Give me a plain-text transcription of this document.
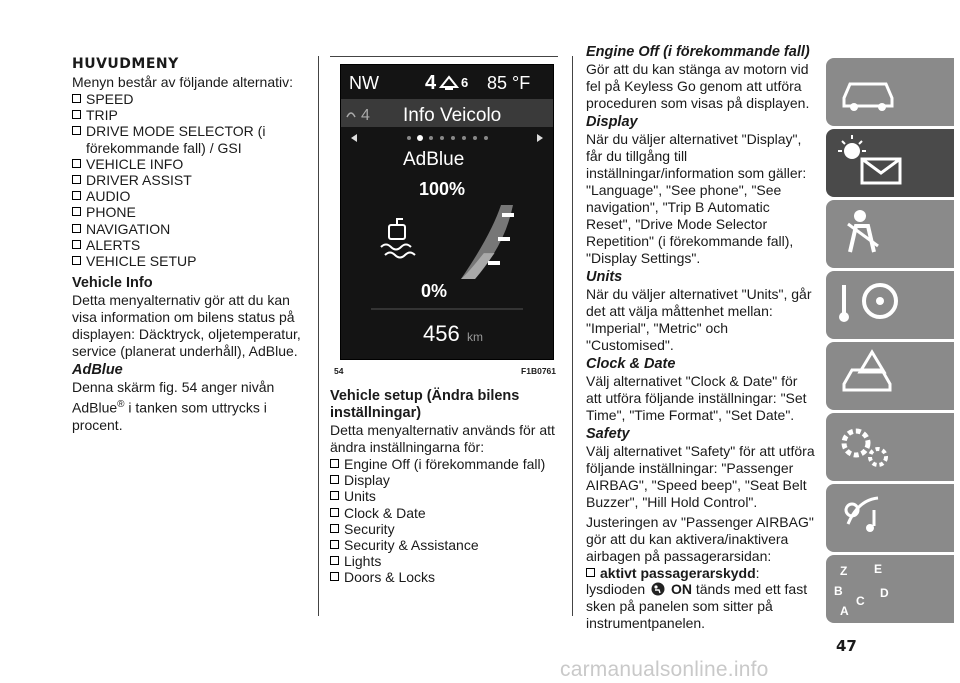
HUVUDMENY

Menyn består av följande alternativ:

SPEED
TRIP
DRIVE MODE SELECTOR (i förekommande fall) / GSI
VEHICLE INFO
DRIVER ASSIST
AUDIO
PHONE
NAVIGATION
ALERTS
VEHICLE SETUP
Vehicle Info

Detta menyalternativ gör att du kan visa information om bilens status på displayen: Däcktryck, oljetemperatur, service (planerat underhåll), AdBlue.

AdBlue

Denna skärm fig. 54 anger nivån AdBlue® i tanken som uttrycks i procent.

NW 4 6 85 °F
4 Info Veicolo
AdBlue
100%
0%
456 km
54	F1B0761
Vehicle setup (Ändra bilens inställningar)

Detta menyalternativ används för att ändra inställningarna för:

Engine Off (i förekommande fall)
Display
Units
Clock & Date
Security
Security & Assistance
Lights
Doors & Locks
Engine Off (i förekommande fall)

Gör att du kan stänga av motorn vid fel på Keyless Go genom att utföra proceduren som visas på displayen.

Display

När du väljer alternativet "Display", får du tillgång till inställningar/information som gäller: "Language", "See phone", "See navigation", "Trip B Automatic Reset", "Drive Mode Selector Repetition" (i förekommande fall), "Display Settings".

Units

När du väljer alternativet "Units", går det att välja måttenhet mellan: "Imperial", "Metric" och "Customised".

Clock & Date

Välj alternativet "Clock & Date" för att utföra följande inställningar: "Set Time", "Time Format", "Set Date".

Safety

Välj alternativet "Safety" för att utföra följande inställningar: "Passenger AIRBAG", "Speed beep", "Seat Belt Buzzer", "Hill Hold Control".

Justeringen av "Passenger AIRBAG" gör att du kan aktivera/inaktivera airbagen på passagerarsidan:

aktivt passagerarskydd:

lysdioden ON tänds med ett fast sken på panelen som sitter på instrumentpanelen.

47
carmanualsonline.info
Z E
B
C
D
A
